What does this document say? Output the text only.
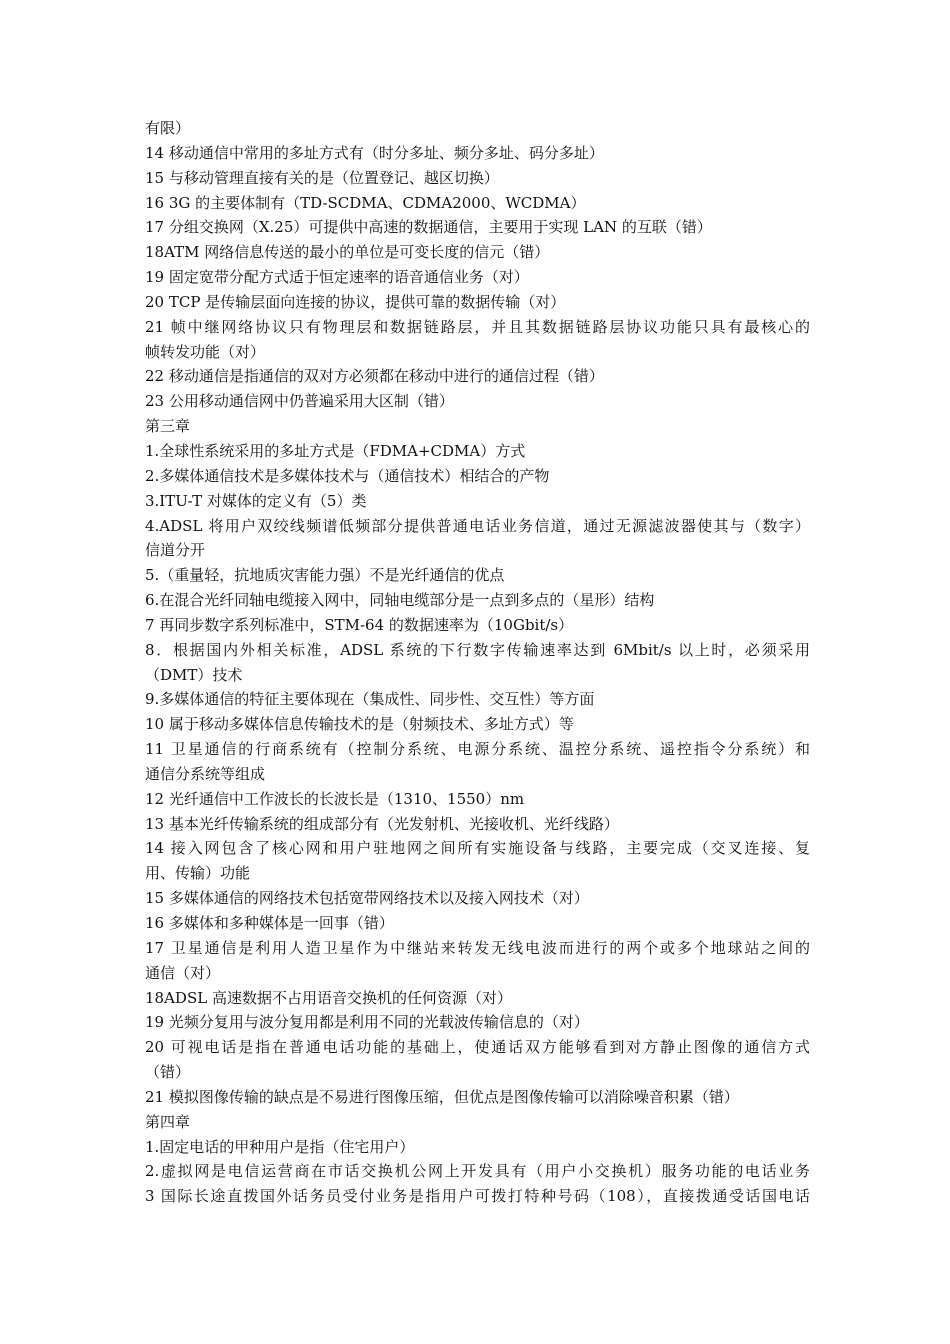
有限）
14 移动通信中常用的多址方式有（时分多址、频分多址、码分多址）
15 与移动管理直接有关的是（位置登记、越区切换）
16 3G 的主要体制有（TD-SCDMA、CDMA2000、WCDMA）
17 分组交换网（X.25）可提供中高速的数据通信，主要用于实现 LAN 的互联（错）
18ATM 网络信息传送的最小的单位是可变长度的信元（错）
19 固定宽带分配方式适于恒定速率的语音通信业务（对）
20 TCP 是传输层面向连接的协议，提供可靠的数据传输（对）
21 帧中继网络协议只有物理层和数据链路层，并且其数据链路层协议功能只具有最核心的
帧转发功能（对）
22 移动通信是指通信的双对方必须都在移动中进行的通信过程（错）
23 公用移动通信网中仍普遍采用大区制（错）
第三章
1.全球性系统采用的多址方式是（FDMA+CDMA）方式
2.多媒体通信技术是多媒体技术与（通信技术）相结合的产物
3.ITU-T 对媒体的定义有（5）类
4.ADSL 将用户双绞线频谱低频部分提供普通电话业务信道，通过无源滤波器使其与（数字）
信道分开
5.（重量轻，抗地质灾害能力强）不是光纤通信的优点
6.在混合光纤同轴电缆接入网中，同轴电缆部分是一点到多点的（星形）结构
7 再同步数字系列标准中，STM-64 的数据速率为（10Gbit/s）
8．根据国内外相关标准，ADSL 系统的下行数字传输速率达到 6Mbit/s 以上时，必须采用
（DMT）技术
9.多媒体通信的特征主要体现在（集成性、同步性、交互性）等方面
10 属于移动多媒体信息传输技术的是（射频技术、多址方式）等
11 卫星通信的行商系统有（控制分系统、电源分系统、温控分系统、遥控指令分系统）和
通信分系统等组成
12 光纤通信中工作波长的长波长是（1310、1550）nm
13 基本光纤传输系统的组成部分有（光发射机、光接收机、光纤线路）
14 接入网包含了核心网和用户驻地网之间所有实施设备与线路，主要完成（交叉连接、复
用、传输）功能
15 多媒体通信的网络技术包括宽带网络技术以及接入网技术（对）
16 多媒体和多种媒体是一回事（错）
17 卫星通信是利用人造卫星作为中继站来转发无线电波而进行的两个或多个地球站之间的
通信（对）
18ADSL 高速数据不占用语音交换机的任何资源（对）
19 光频分复用与波分复用都是利用不同的光载波传输信息的（对）
20 可视电话是指在普通电话功能的基础上，使通话双方能够看到对方静止图像的通信方式
（错）
21 模拟图像传输的缺点是不易进行图像压缩，但优点是图像传输可以消除噪音积累（错）
第四章
1.固定电话的甲种用户是指（住宅用户）
2.虚拟网是电信运营商在市话交换机公网上开发具有（用户小交换机）服务功能的电话业务
3 国际长途直拨国外话务员受付业务是指用户可拨打特种号码（108），直接拨通受话国电话
